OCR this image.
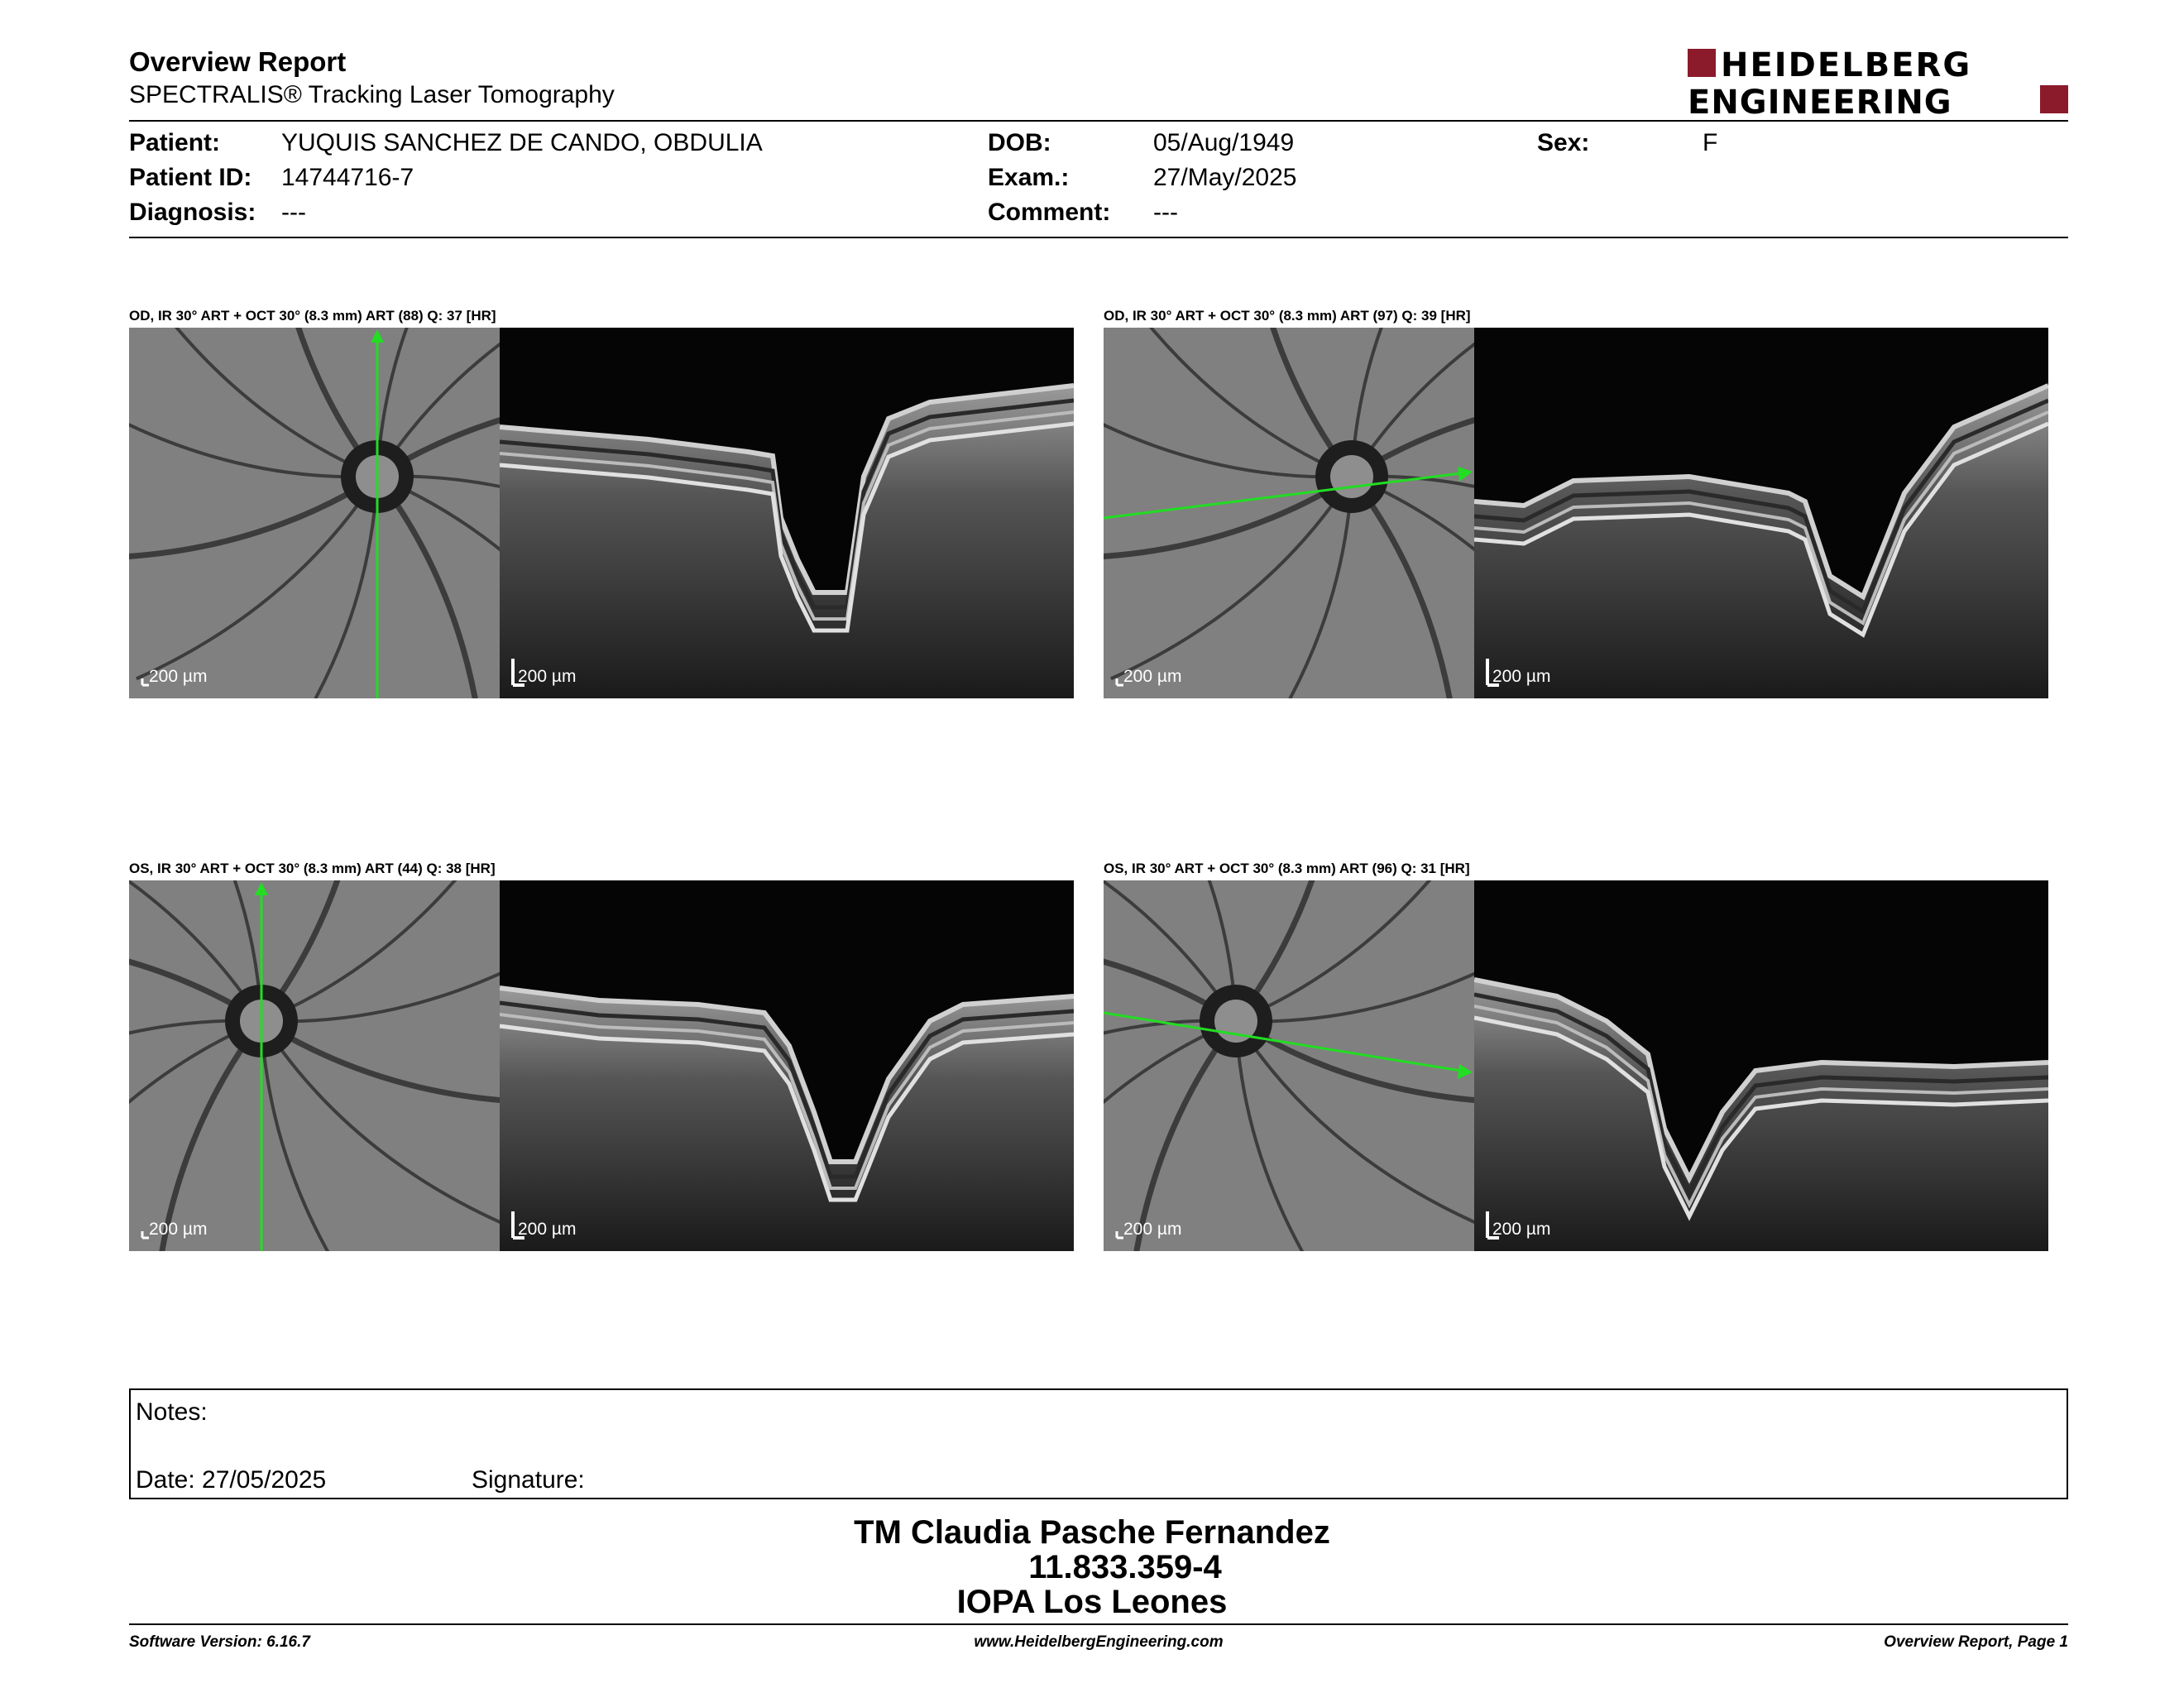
Overview Report
SPECTRALIS® Tracking Laser Tomography
HEIDELBERG
ENGINEERING
Patient: YUQUIS SANCHEZ DE CANDO, OBDULIA
Patient ID: 14744716-7
Diagnosis: ---
DOB:	05/Aug/1949
Exam.:	27/May/2025
Comment: ---
Sex:	F
OD, IR 30° ART + OCT 30° (8.3 mm) ART (88) Q: 37 [HR]
200 µm	200 µm
OD, IR 30° ART + OCT 30° (8.3 mm) ART (97) Q: 39 [HR]
200 µm	200 µm
OS, IR 30° ART + OCT 30° (8.3 mm) ART (44) Q: 38 [HR]
200 µm	200 µm
OS, IR 30° ART + OCT 30° (8.3 mm) ART (96) Q: 31 [HR]
200 µm	200 µm
Notes:
Date: 27/05/2025	Signature:
TM Claudia Pasche Fernandez
11.833.359-4
IOPA Los Leones
Software Version: 6.16.7	www.HeidelbergEngineering.com	Overview Report, Page 1
